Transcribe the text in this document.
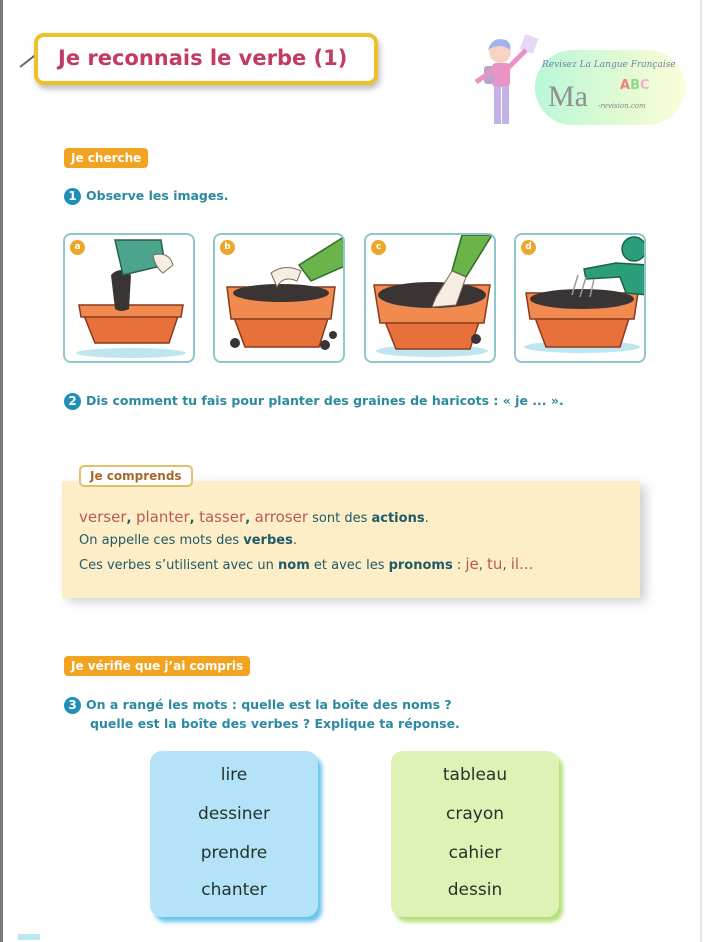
Je reconnais le verbe (1)	Revisez La Langue Française
Ma ABC
-revision.com
Je cherche
1 Observe les images.
a	b	c	d
2 Dis comment tu fais pour planter des graines de haricots : « je ... ».
Je comprends
verser, planter, tasser, arroser sont des actions.
On appelle ces mots des verbes.
Ces verbes s’utilisent avec un nom et avec les pronoms : je, tu, il...
Je vérifie que j’ai compris
3 On a rangé les mots : quelle est la boîte des noms ?
quelle est la boîte des verbes ? Explique ta réponse.
lire
dessiner
prendre
chanter
tableau
crayon
cahier
dessin
